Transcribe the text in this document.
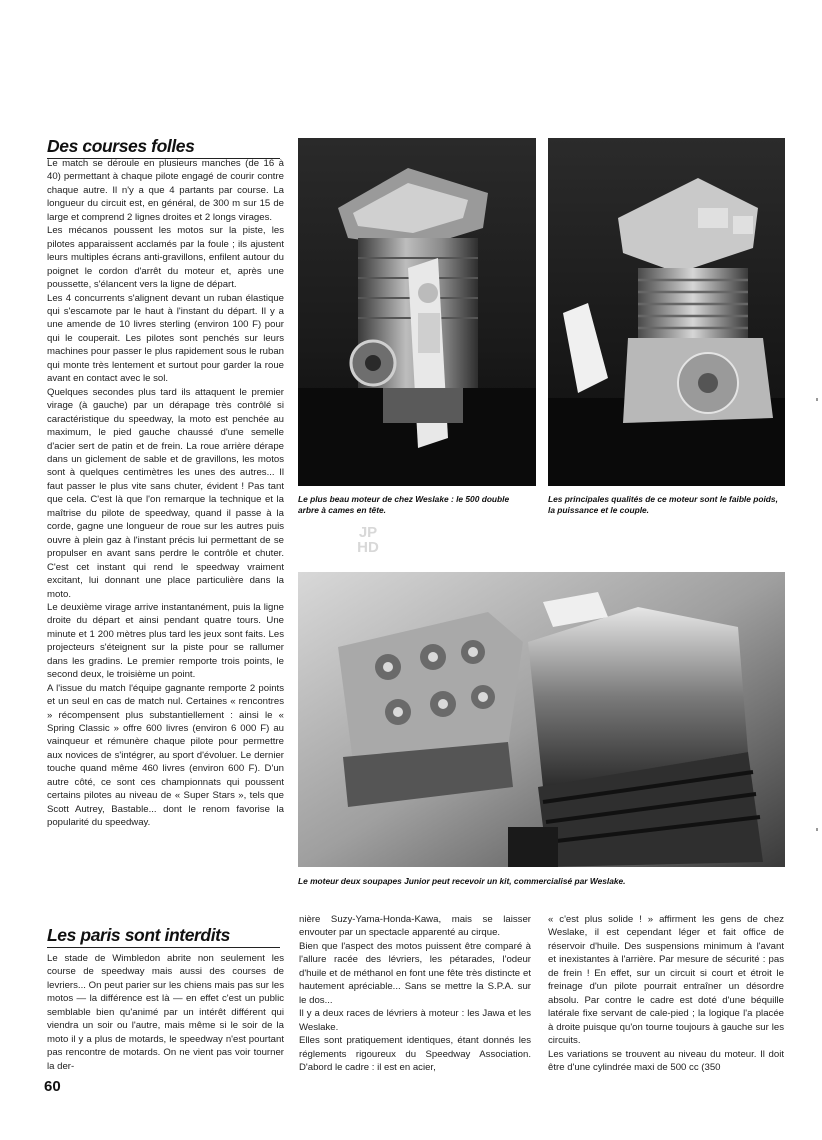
Des courses folles

Le match se déroule en plusieurs manches (de 16 à 40) permettant à chaque pilote engagé de courir contre chaque autre. Il n'y a que 4 partants par course. La longueur du circuit est, en général, de 300 m sur 15 de large et comprend 2 lignes droites et 2 longs virages.

Les mécanos poussent les motos sur la piste, les pilotes apparaissent acclamés par la foule ; ils ajustent leurs multiples écrans anti-gravillons, enfilent autour du poignet le cordon d'arrêt du moteur et, après une poussette, s'élancent vers la ligne de départ.

Les 4 concurrents s'alignent devant un ruban élastique qui s'escamote par le haut à l'instant du départ. Il y a une amende de 10 livres sterling (environ 100 F) pour qui le couperait. Les pilotes sont penchés sur leurs machines pour passer le plus rapidement sous le ruban qui monte très lentement et surtout pour garder la roue avant en contact avec le sol.

Quelques secondes plus tard ils attaquent le premier virage (à gauche) par un dérapage très contrôlé si caractéristique du speedway, la moto est penchée au maximum, le pied gauche chaussé d'une semelle d'acier sert de patin et de frein. La roue arrière dérape dans un giclement de sable et de gravillons, les motos sont à quelques centimètres les unes des autres... Il faut passer le plus vite sans chuter, évident ! Pas tant que cela. C'est là que l'on remarque la technique et la maîtrise du pilote de speedway, quand il passe à la corde, gagne une longueur de roue sur les autres puis ouvre à plein gaz à l'instant précis lui permettant de se propulser en avant sans perdre le contrôle et chuter. C'est cet instant qui rend le speedway vraiment excitant, lui donnant une place particulière dans la moto.

Le deuxième virage arrive instantanément, puis la ligne droite du départ et ainsi pendant quatre tours. Une minute et 1 200 mètres plus tard les jeux sont faits. Les projecteurs s'éteignent sur la piste pour se rallumer dans les gradins. Le premier remporte trois points, le second deux, le troisième un point.

A l'issue du match l'équipe gagnante remporte 2 points et un seul en cas de match nul. Certaines « rencontres » récompensent plus substantiellement : ainsi le « Spring Classic » offre 600 livres (environ 6 000 F) au vainqueur et rémunère chaque pilote pour permettre aux novices de s'intégrer, au sport d'évoluer. Le dernier touche quand même 460 livres (environ 600 F). D'un autre côté, ce sont ces championnats qui poussent certains pilotes au niveau de « Super Stars », tels que Scott Autrey, Bastable... dont le renom favorise la popularité du speedway.

Les paris sont interdits

Le stade de Wimbledon abrite non seulement les course de speedway mais aussi des courses de levriers... On peut parier sur les chiens mais pas sur les motos — la différence est là — en effet c'est un public semblable bien qu'animé par un intérêt différent qui viendra un soir ou l'autre, mais même si le soir de la moto il y a plus de motards, le speedway n'est pourtant pas rencontre de motards. On ne vient pas voir tourner la der-

nière Suzy-Yama-Honda-Kawa, mais se laisser envouter par un spectacle apparenté au cirque.

Bien que l'aspect des motos puissent être comparé à l'allure racée des lévriers, les pétarades, l'odeur d'huile et de méthanol en font une fête très distincte et hautement apréciable... Sans se mettre la S.P.A. sur le dos...

Il y a deux races de lévriers à moteur : les Jawa et les Weslake.

Elles sont pratiquement identiques, étant donnés les réglements rigoureux du Speedway Association. D'abord le cadre : il est en acier,

« c'est plus solide ! » affirment les gens de chez Weslake, il est cependant léger et fait office de réservoir d'huile. Des suspensions minimum à l'avant et inexistantes à l'arrière. Par mesure de sécurité : pas de frein ! En effet, sur un circuit si court et étroit le freinage d'un pilote pourrait entraîner un désordre absolu. Par contre le cadre est doté d'une béquille latérale fixe servant de cale-pied ; la logique l'a placée à droite puisque qu'on tourne toujours à gauche sur les circuits.

Les variations se trouvent au niveau du moteur. Il doit être d'une cylindrée maxi de 500 cc (350

Le plus beau moteur de chez Weslake : le 500 double arbre à cames en tête.
Les principales qualités de ce moteur sont le faible poids, la puissance et le couple.
JP
HD
Le moteur deux soupapes Junior peut recevoir un kit, commercialisé par Weslake.
60
